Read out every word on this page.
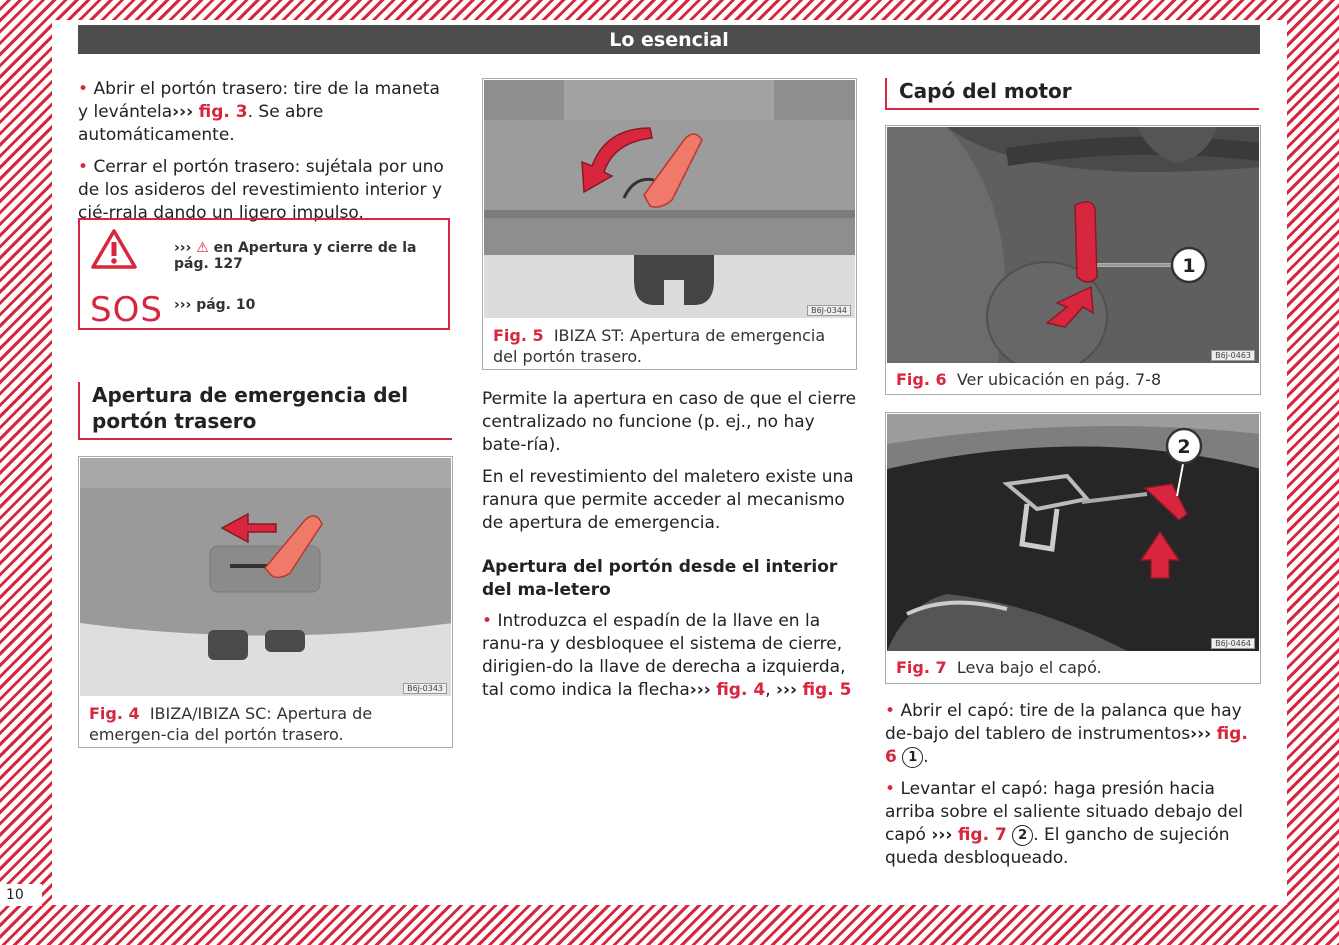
10
Lo esencial

• Abrir el portón trasero: tire de la maneta y levántela››› fig. 3. Se abre automáticamente.

• Cerrar el portón trasero: sujétala por uno de los asideros del revestimiento interior y cié-rrala dando un ligero impulso.

SOS
››› ⚠ en Apertura y cierre de la pág. 127
››› pág. 10
Apertura de emergencia del portón trasero
B6J-0343
Fig. 4 IBIZA/IBIZA SC: Apertura de emergen-cia del portón trasero.
B6J-0344
Fig. 5 IBIZA ST: Apertura de emergencia del portón trasero.

Permite la apertura en caso de que el cierre centralizado no funcione (p. ej., no hay bate-ría).

En el revestimiento del maletero existe una ranura que permite acceder al mecanismo de apertura de emergencia.

Apertura del portón desde el interior del ma-letero

• Introduzca el espadín de la llave en la ranu-ra y desbloquee el sistema de cierre, dirigien-do la llave de derecha a izquierda, tal como indica la flecha››› fig. 4, ››› fig. 5

Capó del motor
1
B6J-0463
Fig. 6 Ver ubicación en pág. 7-8
2
B6J-0464
Fig. 7 Leva bajo el capó.

• Abrir el capó: tire de la palanca que hay de-bajo del tablero de instrumentos››› fig. 6 1 .

• Levantar el capó: haga presión hacia arriba sobre el saliente situado debajo del capó ››› fig. 7 2 . El gancho de sujeción queda desbloqueado.
